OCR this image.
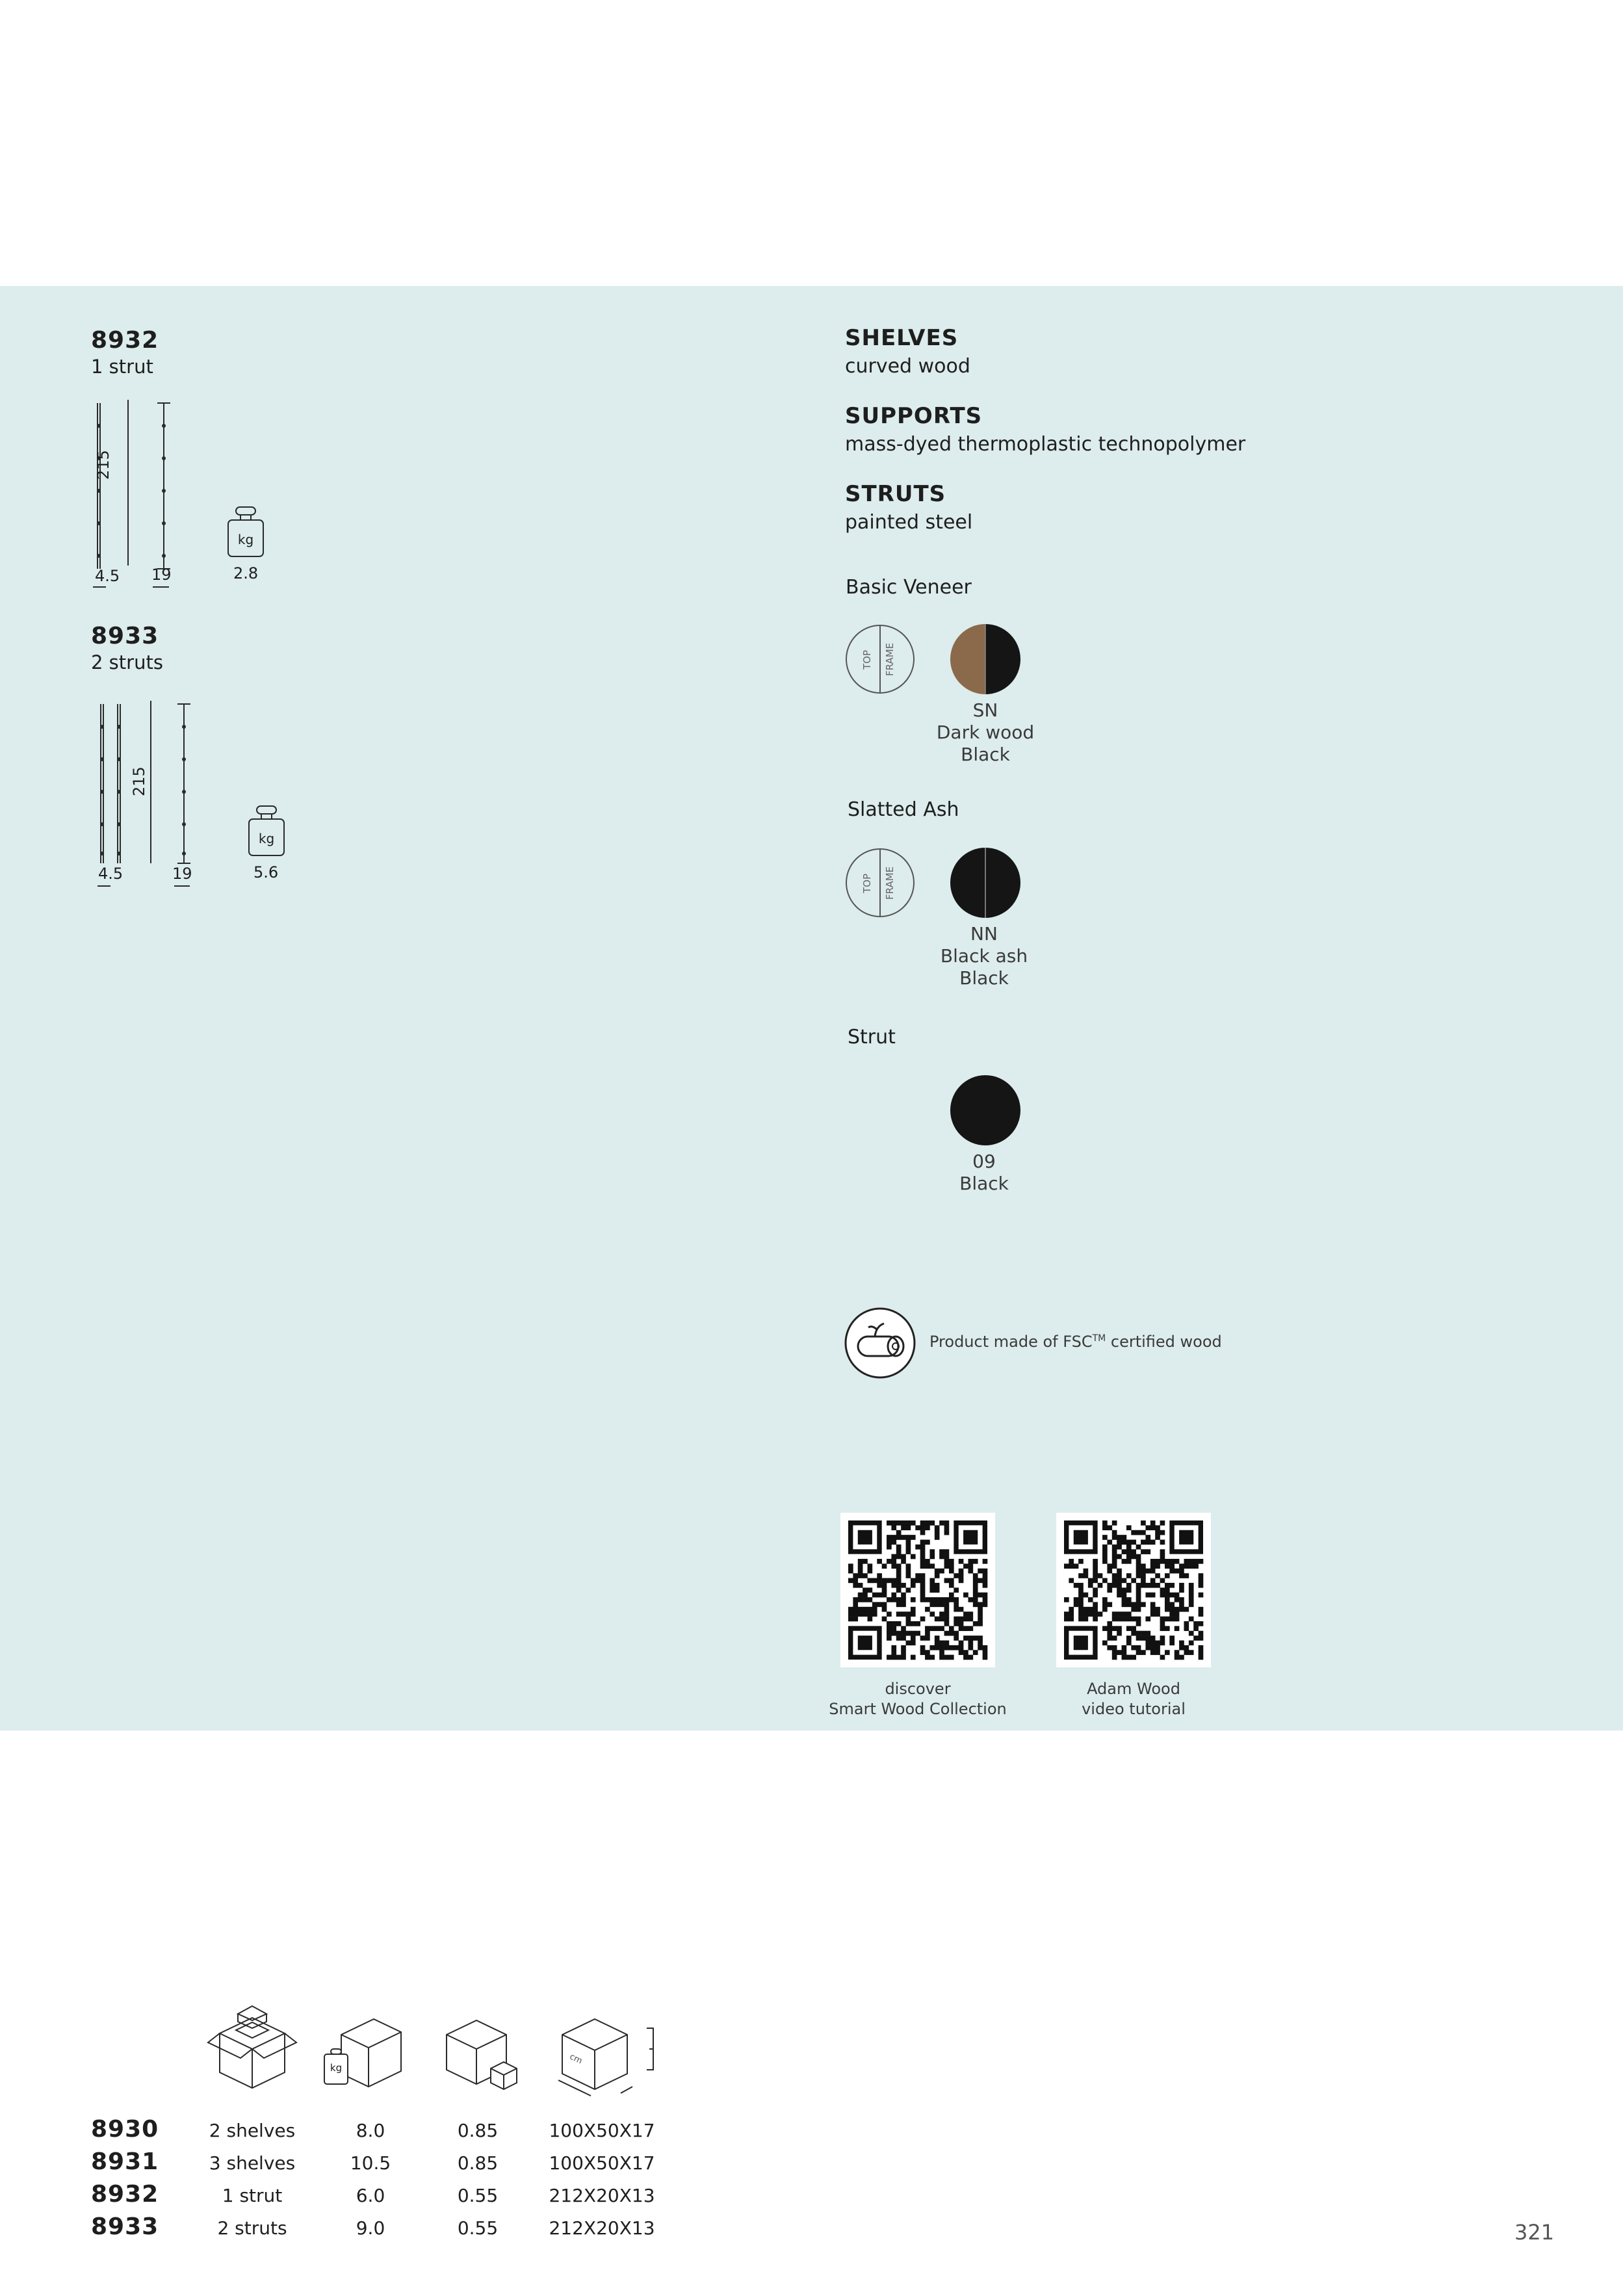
8932
1 strut
215
4.5 19
kg
2.8
8933
2 struts
215
4.5	19
kg
5.6
SHELVES
curved wood
SUPPORTS
mass-dyed thermoplastic technopolymer
STRUTS
painted steel
Basic Veneer
TOP FRAME
SN
Dark wood
Black
Slatted Ash
TOP FRAME
NN
Black ash
Black
Strut
09
Black
Product made of FSC™ certified wood
discover
Smart Wood Collection
Adam Wood
video tutorial
kg
cm
8930	2 shelves	8.0	0.85	100X50X17
8931	3 shelves	10.5	0.85	100X50X17
8932	1 strut	6.0	0.55	212X20X13
8933	2 struts	9.0	0.55	212X20X13	321
